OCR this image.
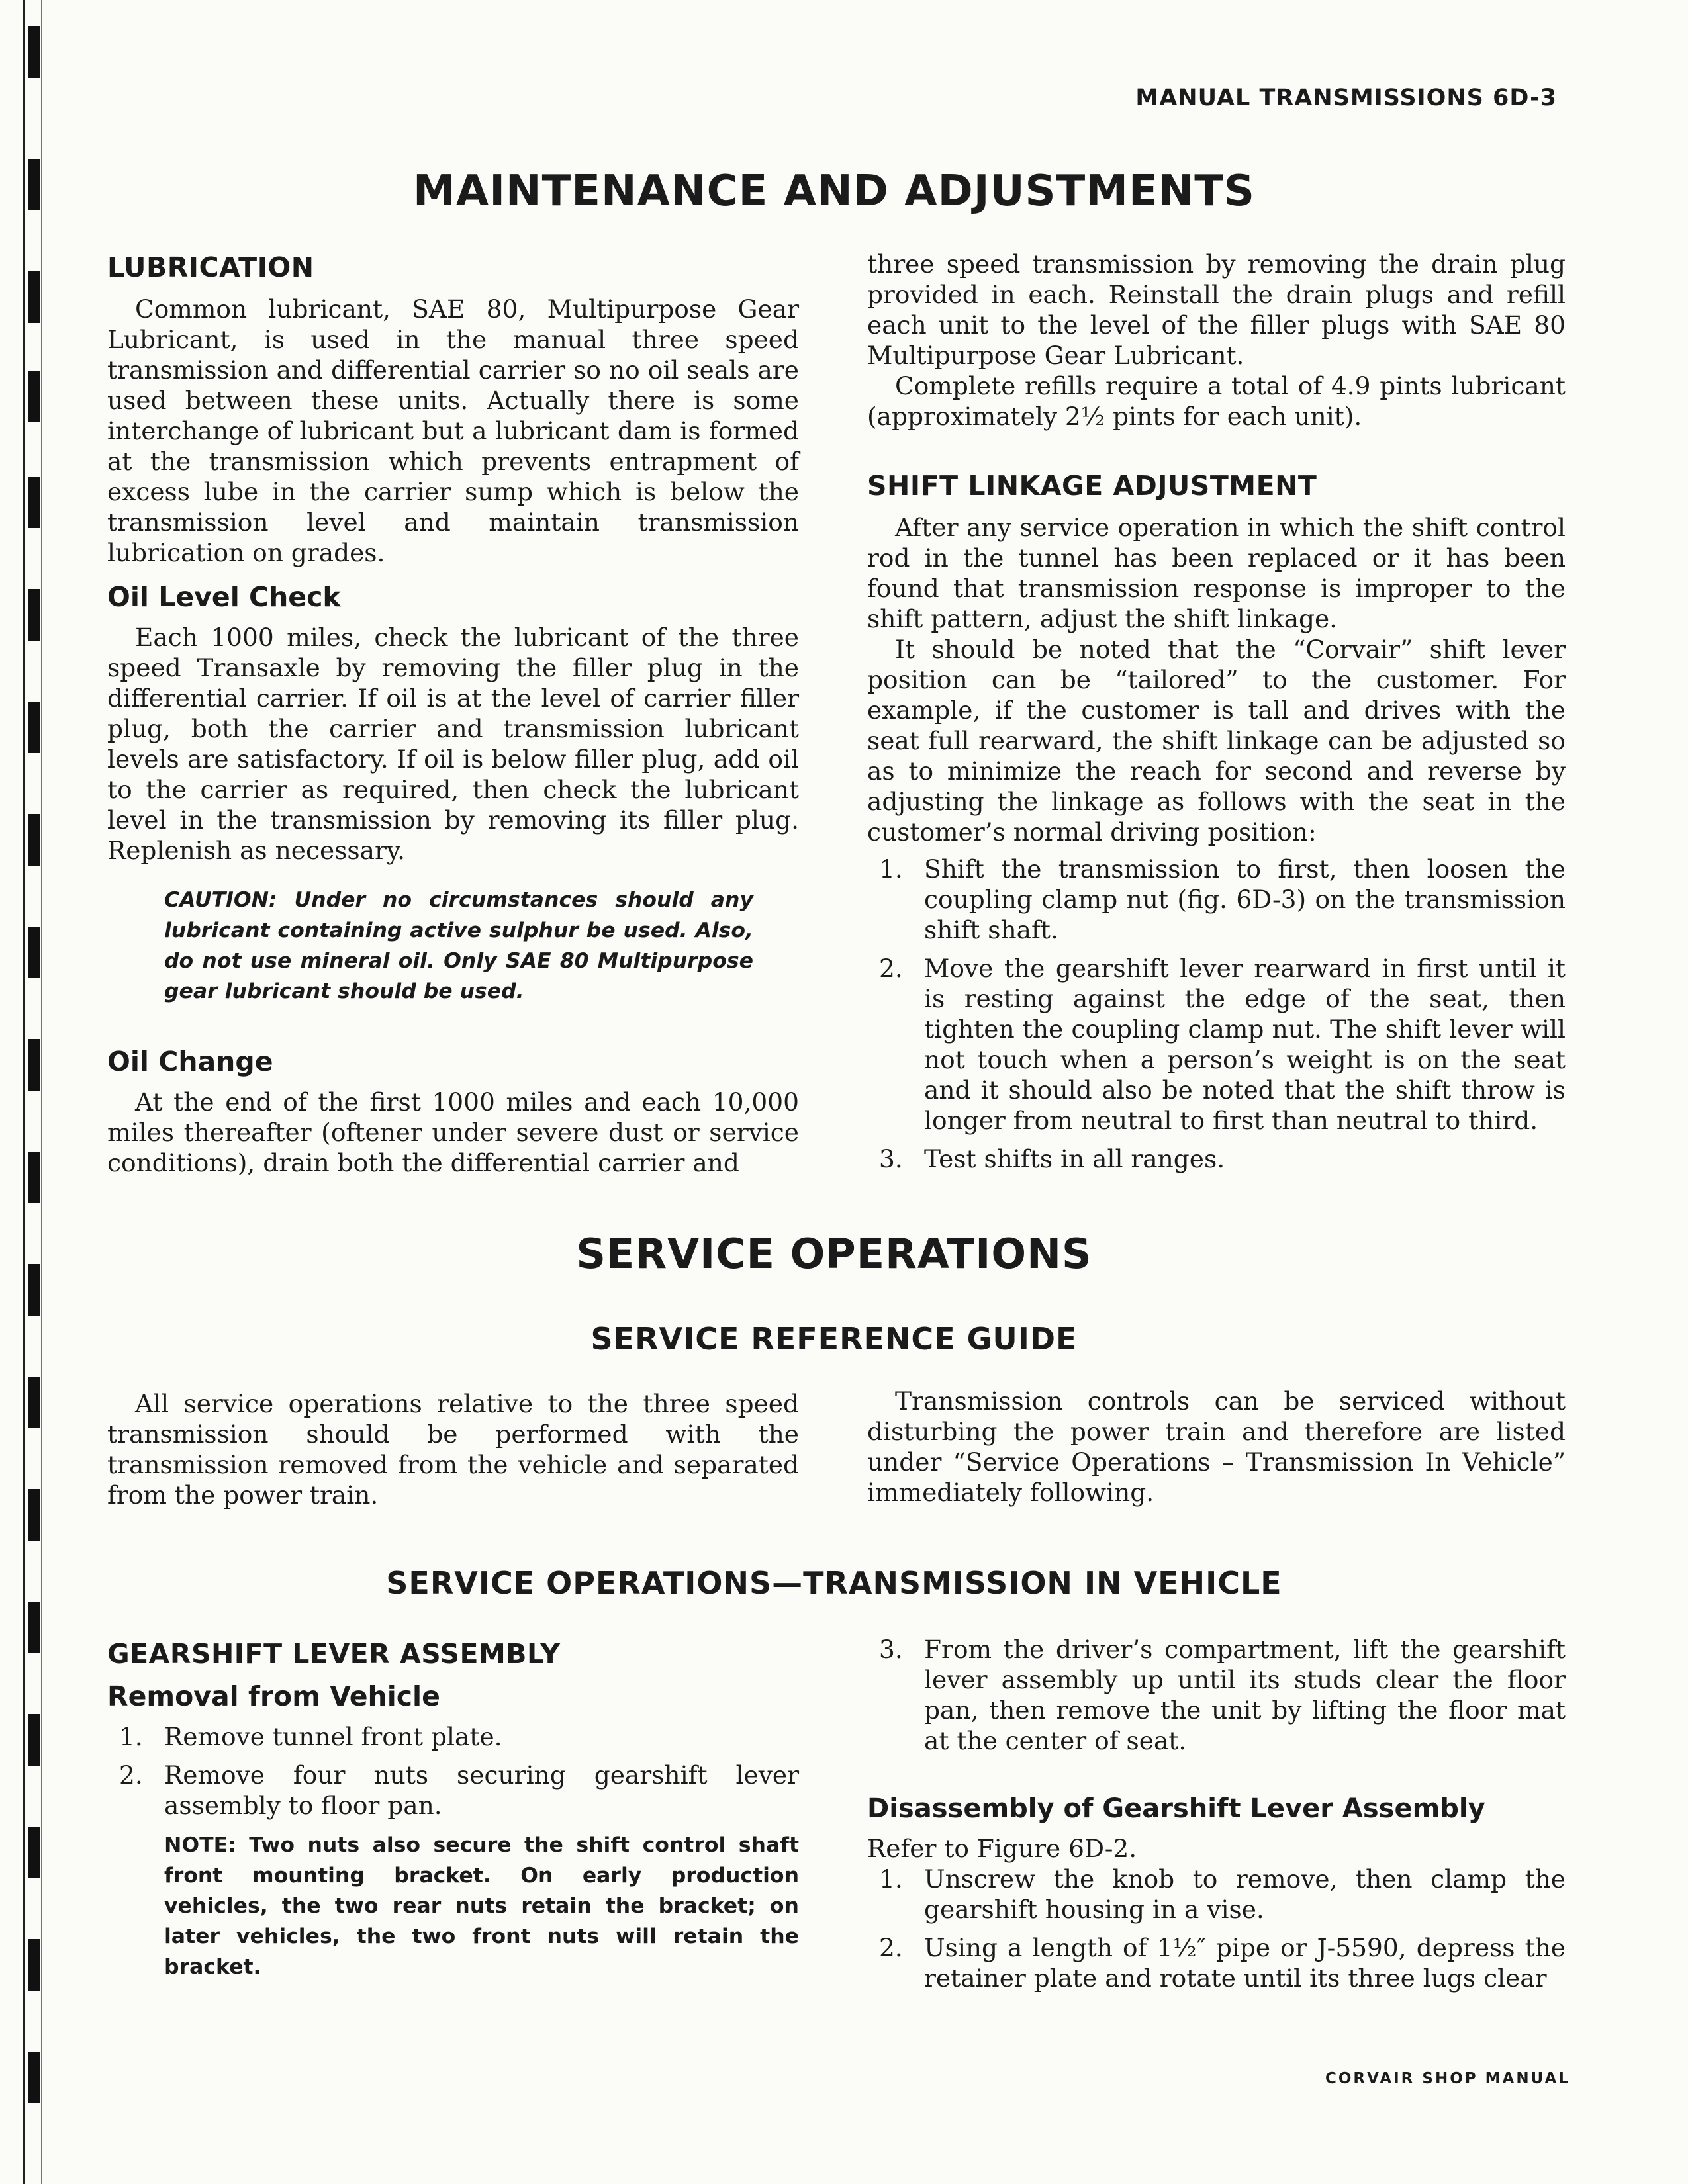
MANUAL TRANSMISSIONS 6D-3
MAINTENANCE AND ADJUSTMENTS
LUBRICATION

Common lubricant, SAE 80, Multipurpose Gear Lubricant, is used in the manual three speed transmission and differential carrier so no oil seals are used between these units. Actually there is some interchange of lubricant but a lubricant dam is formed at the transmission which prevents entrapment of excess lube in the carrier sump which is below the transmission level and maintain transmission lubrication on grades.

Oil Level Check

Each 1000 miles, check the lubricant of the three speed Transaxle by removing the filler plug in the differential carrier. If oil is at the level of carrier filler plug, both the carrier and transmission lubricant levels are satisfactory. If oil is below filler plug, add oil to the carrier as required, then check the lubricant level in the transmission by removing its filler plug. Replenish as necessary.

CAUTION: Under no circumstances should any lubricant containing active sulphur be used. Also, do not use mineral oil. Only SAE 80 Multipurpose gear lubricant should be used.

Oil Change

At the end of the first 1000 miles and each 10,000 miles thereafter (oftener under severe dust or service conditions), drain both the differential carrier and

three speed transmission by removing the drain plug provided in each. Reinstall the drain plugs and refill each unit to the level of the filler plugs with SAE 80 Multipurpose Gear Lubricant.

Complete refills require a total of 4.9 pints lubricant (approximately 2½ pints for each unit).

SHIFT LINKAGE ADJUSTMENT

After any service operation in which the shift control rod in the tunnel has been replaced or it has been found that transmission response is improper to the shift pattern, adjust the shift linkage.

It should be noted that the “Corvair” shift lever position can be “tailored” to the customer. For example, if the customer is tall and drives with the seat full rearward, the shift linkage can be adjusted so as to minimize the reach for second and reverse by adjusting the linkage as follows with the seat in the customer’s normal driving position:

1. Shift the transmission to first, then loosen the coupling clamp nut (fig. 6D-3) on the transmission shift shaft.
2. Move the gearshift lever rearward in first until it is resting against the edge of the seat, then tighten the coupling clamp nut. The shift lever will not touch when a person’s weight is on the seat and it should also be noted that the shift throw is longer from neutral to first than neutral to third.
3. Test shifts in all ranges.
SERVICE OPERATIONS
SERVICE REFERENCE GUIDE

All service operations relative to the three speed transmission should be performed with the transmission removed from the vehicle and separated from the power train.

Transmission controls can be serviced without disturbing the power train and therefore are listed under “Service Operations – Transmission In Vehicle” immediately following.

SERVICE OPERATIONS—TRANSMISSION IN VEHICLE
GEARSHIFT LEVER ASSEMBLY
Removal from Vehicle
1. Remove tunnel front plate.
2. Remove four nuts securing gearshift lever assembly to floor pan.

NOTE: Two nuts also secure the shift control shaft front mounting bracket. On early production vehicles, the two rear nuts retain the bracket; on later vehicles, the two front nuts will retain the bracket.

3. From the driver’s compartment, lift the gearshift lever assembly up until its studs clear the floor pan, then remove the unit by lifting the floor mat at the center of seat.
Disassembly of Gearshift Lever Assembly

Refer to Figure 6D-2.

1. Unscrew the knob to remove, then clamp the gearshift housing in a vise.
2. Using a length of 1½″ pipe or J-5590, depress the retainer plate and rotate until its three lugs clear
CORVAIR SHOP MANUAL
